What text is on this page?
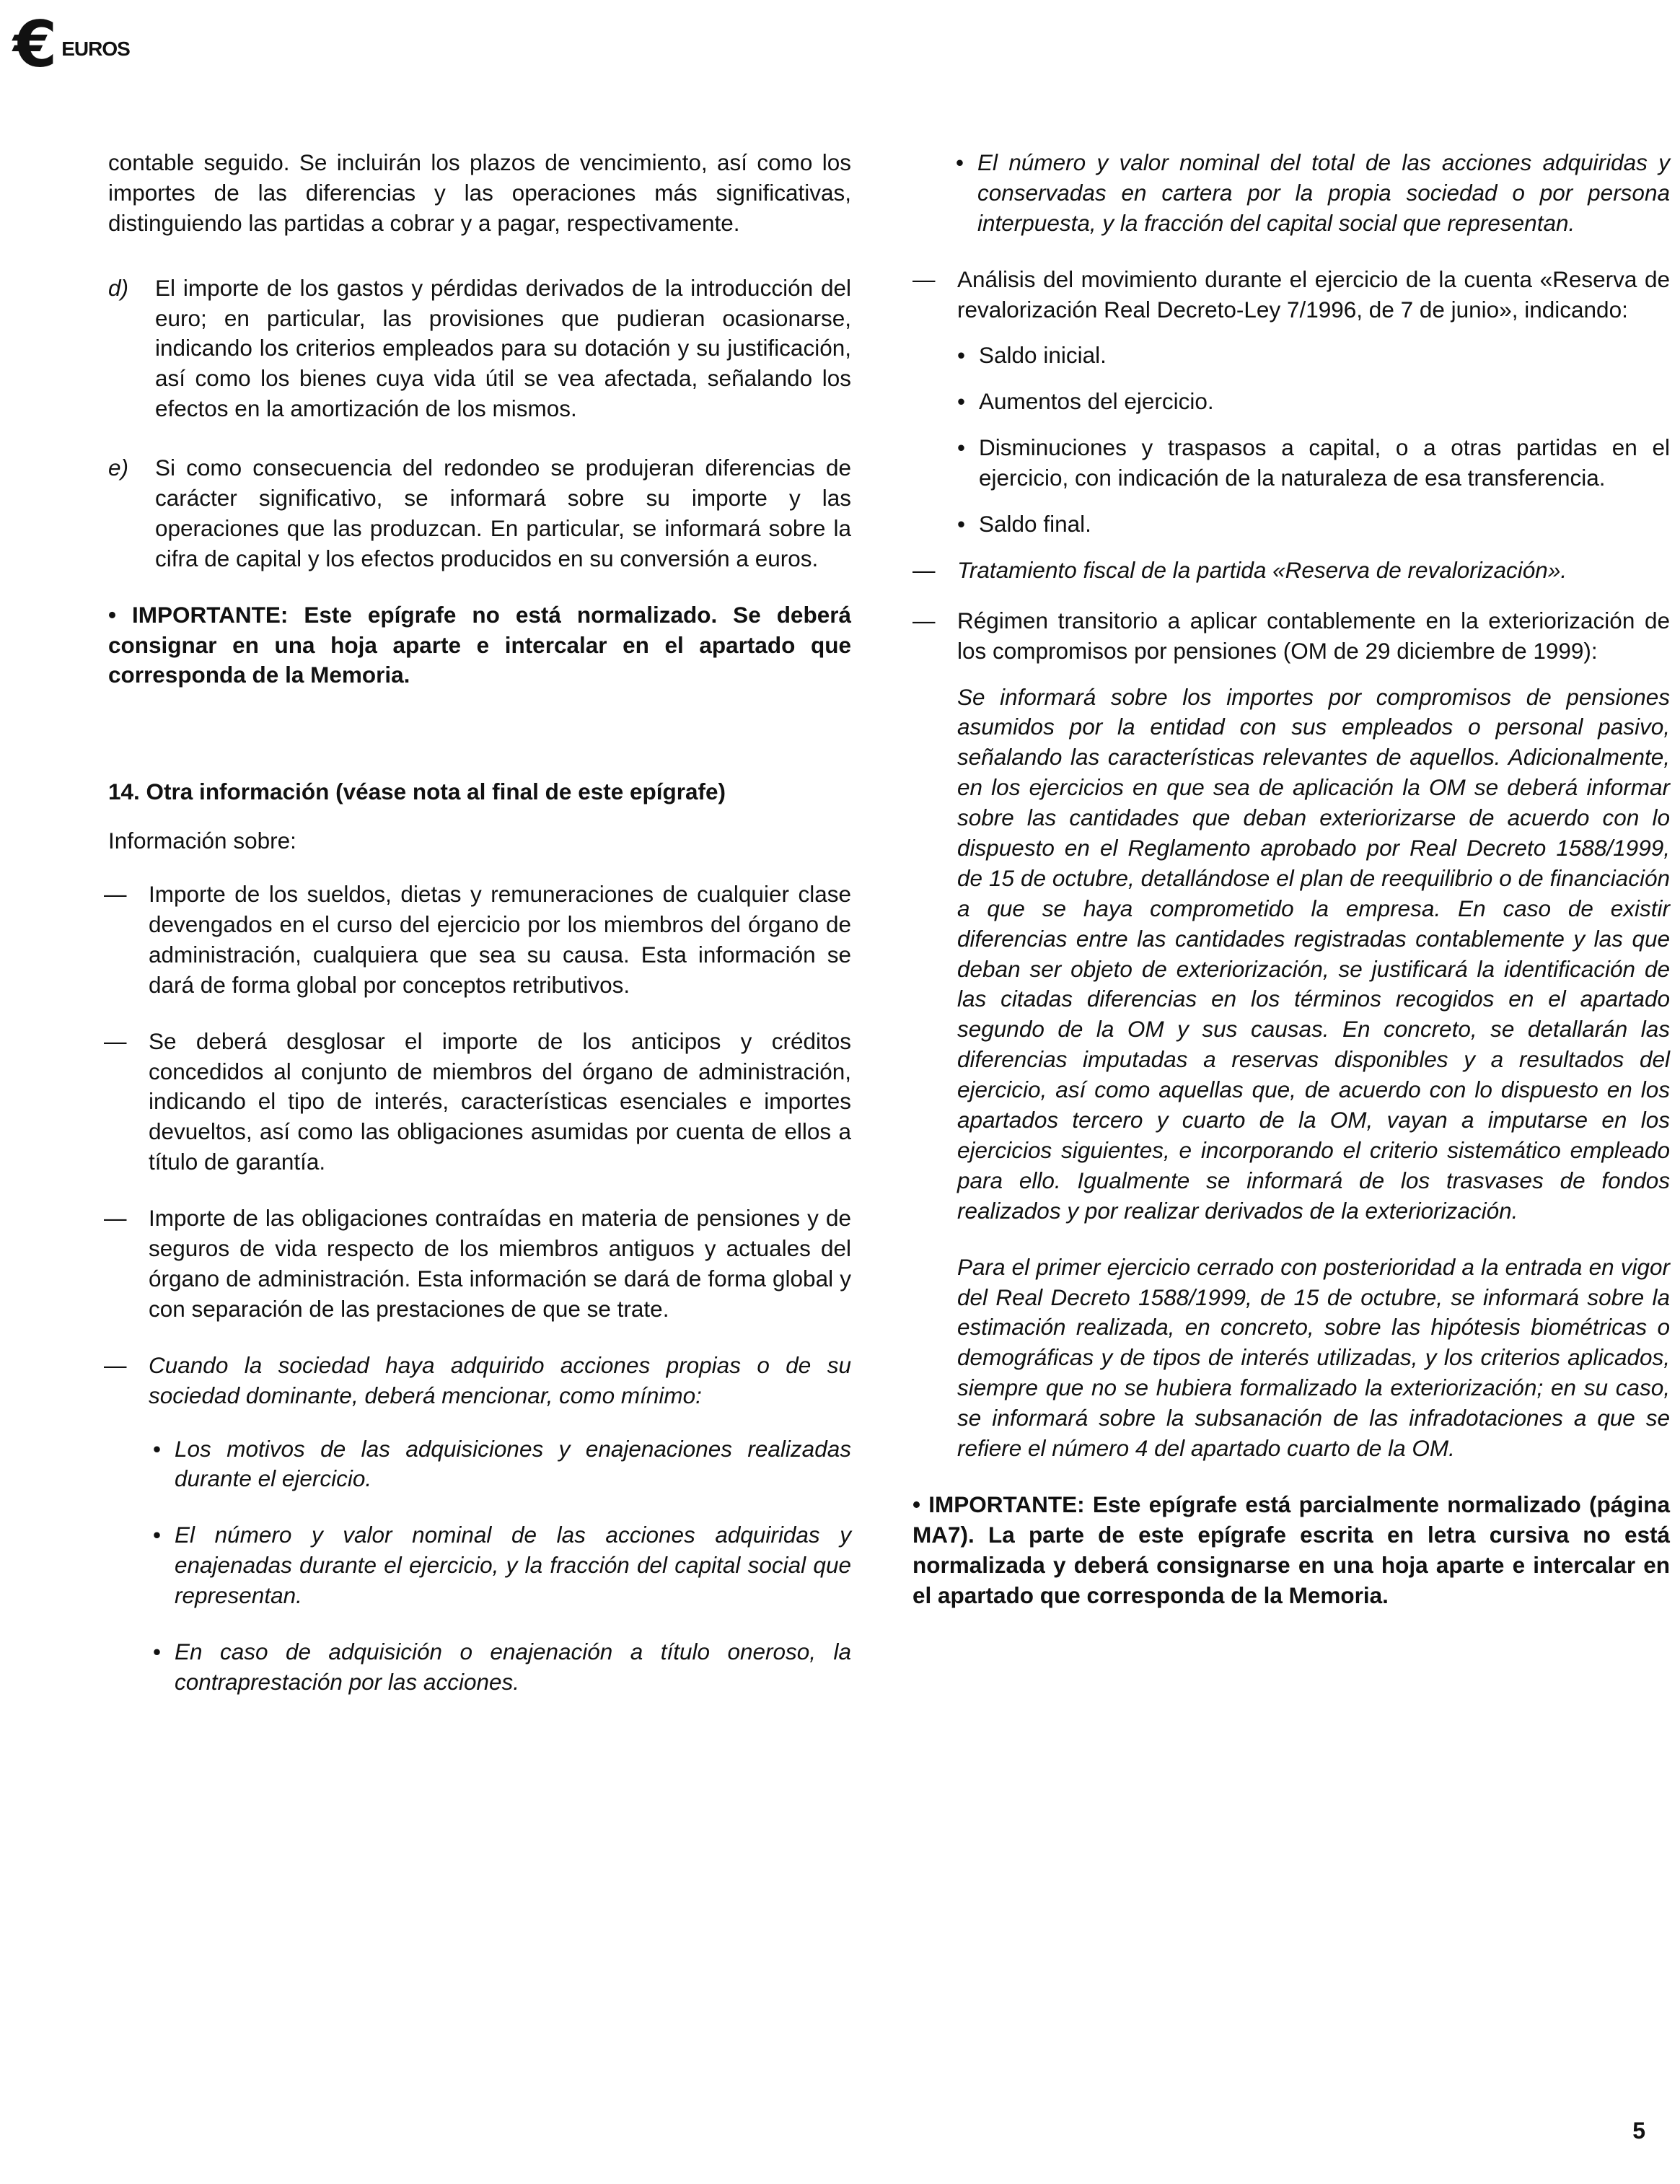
€ EUROS

contable seguido. Se incluirán los plazos de vencimiento, así como los importes de las diferencias y las operaciones más significativas, distinguiendo las partidas a cobrar y a pagar, respectivamente.

d) El importe de los gastos y pérdidas derivados de la introducción del euro; en particular, las provisiones que pudieran ocasionarse, indicando los criterios empleados para su dotación y su justificación, así como los bienes cuya vida útil se vea afectada, señalando los efectos en la amortización de los mismos.
e) Si como consecuencia del redondeo se produjeran diferencias de carácter significativo, se informará sobre su importe y las operaciones que las produzcan. En particular, se informará sobre la cifra de capital y los efectos producidos en su conversión a euros.

• IMPORTANTE: Este epígrafe no está normalizado. Se deberá consignar en una hoja aparte e intercalar en el apartado que corresponda de la Memoria.

14. Otra información (véase nota al final de este epígrafe)

Información sobre:

— Importe de los sueldos, dietas y remuneraciones de cualquier clase devengados en el curso del ejercicio por los miembros del órgano de administración, cualquiera que sea su causa. Esta información se dará de forma global por conceptos retributivos.
— Se deberá desglosar el importe de los anticipos y créditos concedidos al conjunto de miembros del órgano de administración, indicando el tipo de interés, características esenciales e importes devueltos, así como las obligaciones asumidas por cuenta de ellos a título de garantía.
— Importe de las obligaciones contraídas en materia de pensiones y de seguros de vida respecto de los miembros antiguos y actuales del órgano de administración. Esta información se dará de forma global y con separación de las prestaciones de que se trate.
— Cuando la sociedad haya adquirido acciones propias o de su sociedad dominante, deberá mencionar, como mínimo:
• Los motivos de las adquisiciones y enajenaciones realizadas durante el ejercicio.
• El número y valor nominal de las acciones adquiridas y enajenadas durante el ejercicio, y la fracción del capital social que representan.
• En caso de adquisición o enajenación a título oneroso, la contraprestación por las acciones.
• El número y valor nominal del total de las acciones adquiridas y conservadas en cartera por la propia sociedad o por persona interpuesta, y la fracción del capital social que representan.
— Análisis del movimiento durante el ejercicio de la cuenta «Reserva de revalorización Real Decreto-Ley 7/1996, de 7 de junio», indicando:
• Saldo inicial.
• Aumentos del ejercicio.
• Disminuciones y traspasos a capital, o a otras partidas en el ejercicio, con indicación de la naturaleza de esa transferencia.
• Saldo final.
— Tratamiento fiscal de la partida «Reserva de revalorización».
— Régimen transitorio a aplicar contablemente en la exteriorización de los compromisos por pensiones (OM de 29 diciembre de 1999):

Se informará sobre los importes por compromisos de pensiones asumidos por la entidad con sus empleados o personal pasivo, señalando las características relevantes de aquellos. Adicionalmente, en los ejercicios en que sea de aplicación la OM se deberá informar sobre las cantidades que deban exteriorizarse de acuerdo con lo dispuesto en el Reglamento aprobado por Real Decreto 1588/1999, de 15 de octubre, detallándose el plan de reequilibrio o de financiación a que se haya comprometido la empresa. En caso de existir diferencias entre las cantidades registradas contablemente y las que deban ser objeto de exteriorización, se justificará la identificación de las citadas diferencias en los términos recogidos en el apartado segundo de la OM y sus causas. En concreto, se detallarán las diferencias imputadas a reservas disponibles y a resultados del ejercicio, así como aquellas que, de acuerdo con lo dispuesto en los apartados tercero y cuarto de la OM, vayan a imputarse en los ejercicios siguientes, e incorporando el criterio sistemático empleado para ello. Igualmente se informará de los trasvases de fondos realizados y por realizar derivados de la exteriorización.

Para el primer ejercicio cerrado con posterioridad a la entrada en vigor del Real Decreto 1588/1999, de 15 de octubre, se informará sobre la estimación realizada, en concreto, sobre las hipótesis biométricas o demográficas y de tipos de interés utilizadas, y los criterios aplicados, siempre que no se hubiera formalizado la exteriorización; en su caso, se informará sobre la subsanación de las infradotaciones a que se refiere el número 4 del apartado cuarto de la OM.

• IMPORTANTE: Este epígrafe está parcialmente normalizado (página MA7). La parte de este epígrafe escrita en letra cursiva no está normalizada y deberá consignarse en una hoja aparte e intercalar en el apartado que corresponda de la Memoria.

5
